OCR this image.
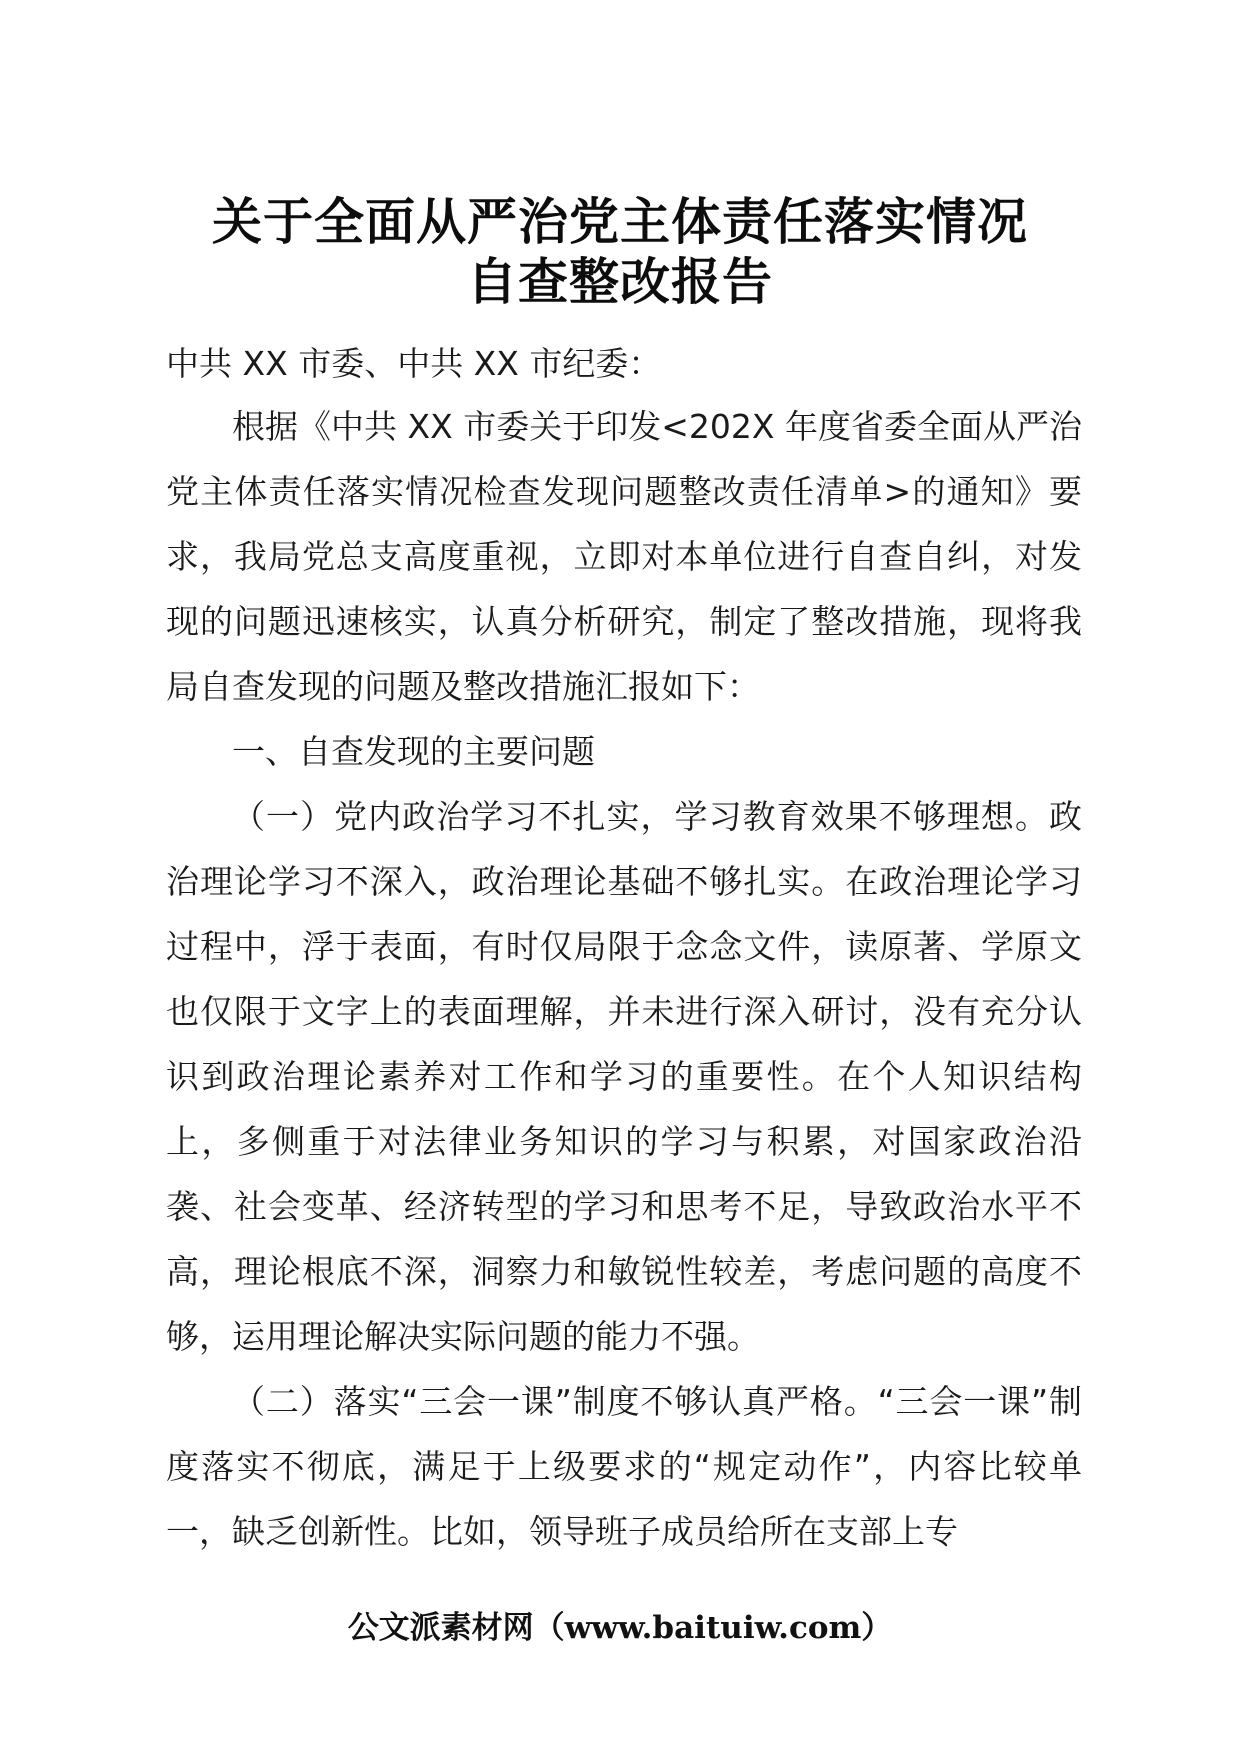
关于全面从严治党主体责任落实情况
自查整改报告

中共 XX 市委、中共 XX 市纪委：

根据《中共 XX 市委关于印发<202X 年度省委全面从严治党主体责任落实情况检查发现问题整改责任清单>的通知》要求，我局党总支高度重视，立即对本单位进行自查自纠，对发现的问题迅速核实，认真分析研究，制定了整改措施，现将我局自查发现的问题及整改措施汇报如下：

一、自查发现的主要问题

（一）党内政治学习不扎实，学习教育效果不够理想。政治理论学习不深入，政治理论基础不够扎实。在政治理论学习过程中，浮于表面，有时仅局限于念念文件，读原著、学原文也仅限于文字上的表面理解，并未进行深入研讨，没有充分认识到政治理论素养对工作和学习的重要性。在个人知识结构上，多侧重于对法律业务知识的学习与积累，对国家政治沿袭、社会变革、经济转型的学习和思考不足，导致政治水平不高，理论根底不深，洞察力和敏锐性较差，考虑问题的高度不够，运用理论解决实际问题的能力不强。

（二）落实“三会一课”制度不够认真严格。“三会一课”制度落实不彻底，满足于上级要求的“规定动作”，内容比较单一，缺乏创新性。比如，领导班子成员给所在支部上专

公文派素材网（www.baituiw.com）
